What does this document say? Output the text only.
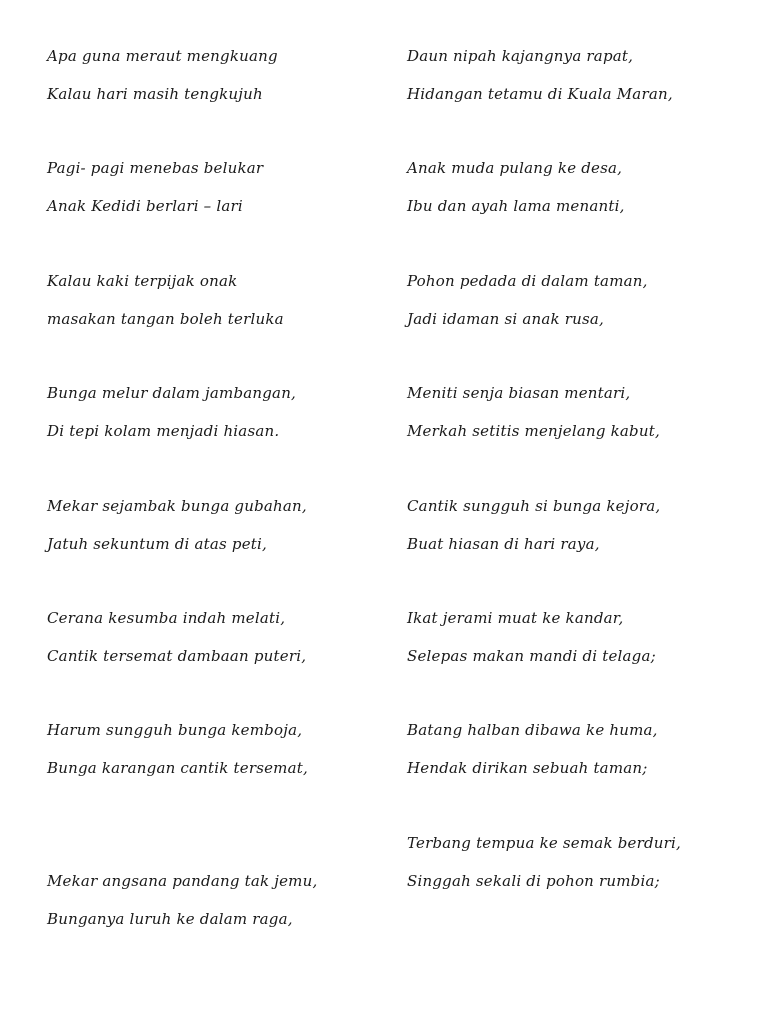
Apa guna meraut mengkuang
Kalau hari masih tengkujuh
Pagi- pagi menebas belukar
Anak Kedidi berlari – lari
Kalau kaki terpijak onak
masakan tangan boleh terluka
Bunga melur dalam jambangan,
Di tepi kolam menjadi hiasan.
Mekar sejambak bunga gubahan,
Jatuh sekuntum di atas peti,
Cerana kesumba indah melati,
Cantik tersemat dambaan puteri,
Harum sungguh bunga kemboja,
Bunga karangan cantik tersemat,
Mekar angsana pandang tak jemu,
Bunganya luruh ke dalam raga,
Daun nipah kajangnya rapat,
Hidangan tetamu di Kuala Maran,
Anak muda pulang ke desa,
Ibu dan ayah lama menanti,
Pohon pedada di dalam taman,
Jadi idaman si anak rusa,
Meniti senja biasan mentari,
Merkah setitis menjelang kabut,
Cantik sungguh si bunga kejora,
Buat hiasan di hari raya,
Ikat jerami muat ke kandar,
Selepas makan mandi di telaga;
Batang halban dibawa ke huma,
Hendak dirikan sebuah taman;
Terbang tempua ke semak berduri,
Singgah sekali di pohon rumbia;
